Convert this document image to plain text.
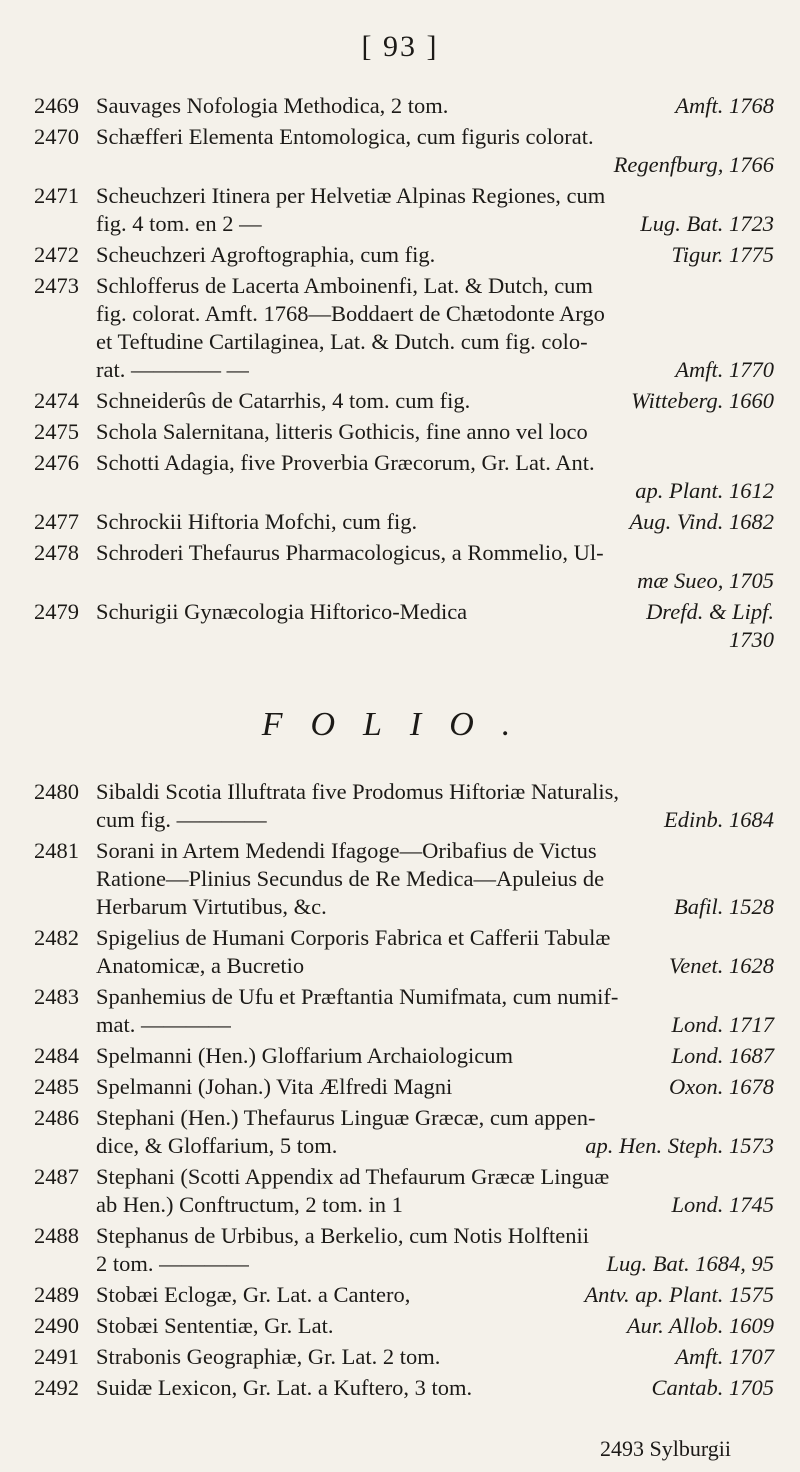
[ 93 ]
2469 Sauvages Nofologia Methodica, 2 tom.	Amft. 1768
2470 Schæfferi Elementa Entomologica, cum figuris colorat.
Regenfburg, 1766
2471 Scheuchzeri Itinera per Helvetiæ Alpinas Regiones, cum
fig. 4 tom. en 2 —	Lug. Bat. 1723
2472 Scheuchzeri Agroftographia, cum fig.	Tigur. 1775
2473 Schlofferus de Lacerta Amboinenfi, Lat. & Dutch, cum
fig. colorat. Amft. 1768—Boddaert de Chætodonte Argo
et Teftudine Cartilaginea, Lat. & Dutch. cum fig. colo-
rat. ———— —	Amft. 1770
2474 Schneiderûs de Catarrhis, 4 tom. cum fig.	Witteberg. 1660
2475 Schola Salernitana, litteris Gothicis, fine anno vel loco
2476 Schotti Adagia, five Proverbia Græcorum, Gr. Lat. Ant.
ap. Plant. 1612
2477 Schrockii Hiftoria Mofchi, cum fig.	Aug. Vind. 1682
2478 Schroderi Thefaurus Pharmacologicus, a Rommelio, Ul-
mæ Sueo, 1705
2479 Schurigii Gynæcologia Hiftorico-Medica	Drefd. & Lipf.
1730
FOLIO.
2480 Sibaldi Scotia Illuftrata five Prodomus Hiftoriæ Naturalis,
cum fig. ————	Edinb. 1684
2481 Sorani in Artem Medendi Ifagoge—Oribafius de Victus
Ratione—Plinius Secundus de Re Medica—Apuleius de
Herbarum Virtutibus, &c.	Bafil. 1528
2482 Spigelius de Humani Corporis Fabrica et Cafferii Tabulæ
Anatomicæ, a Bucretio	Venet. 1628
2483 Spanhemius de Ufu et Præftantia Numifmata, cum numif-
mat. ————	Lond. 1717
2484 Spelmanni (Hen.) Gloffarium Archaiologicum	Lond. 1687
2485 Spelmanni (Johan.) Vita Ælfredi Magni	Oxon. 1678
2486 Stephani (Hen.) Thefaurus Linguæ Græcæ, cum appen-
dice, & Gloffarium, 5 tom.	ap. Hen. Steph. 1573
2487 Stephani (Scotti Appendix ad Thefaurum Græcæ Linguæ
ab Hen.) Conftructum, 2 tom. in 1	Lond. 1745
2488 Stephanus de Urbibus, a Berkelio, cum Notis Holftenii
2 tom. ————	Lug. Bat. 1684, 95
2489 Stobæi Eclogæ, Gr. Lat. a Cantero,	Antv. ap. Plant. 1575
2490 Stobæi Sententiæ, Gr. Lat.	Aur. Allob. 1609
2491 Strabonis Geographiæ, Gr. Lat. 2 tom.	Amft. 1707
2492 Suidæ Lexicon, Gr. Lat. a Kuftero, 3 tom.	Cantab. 1705
2493 Sylburgii
